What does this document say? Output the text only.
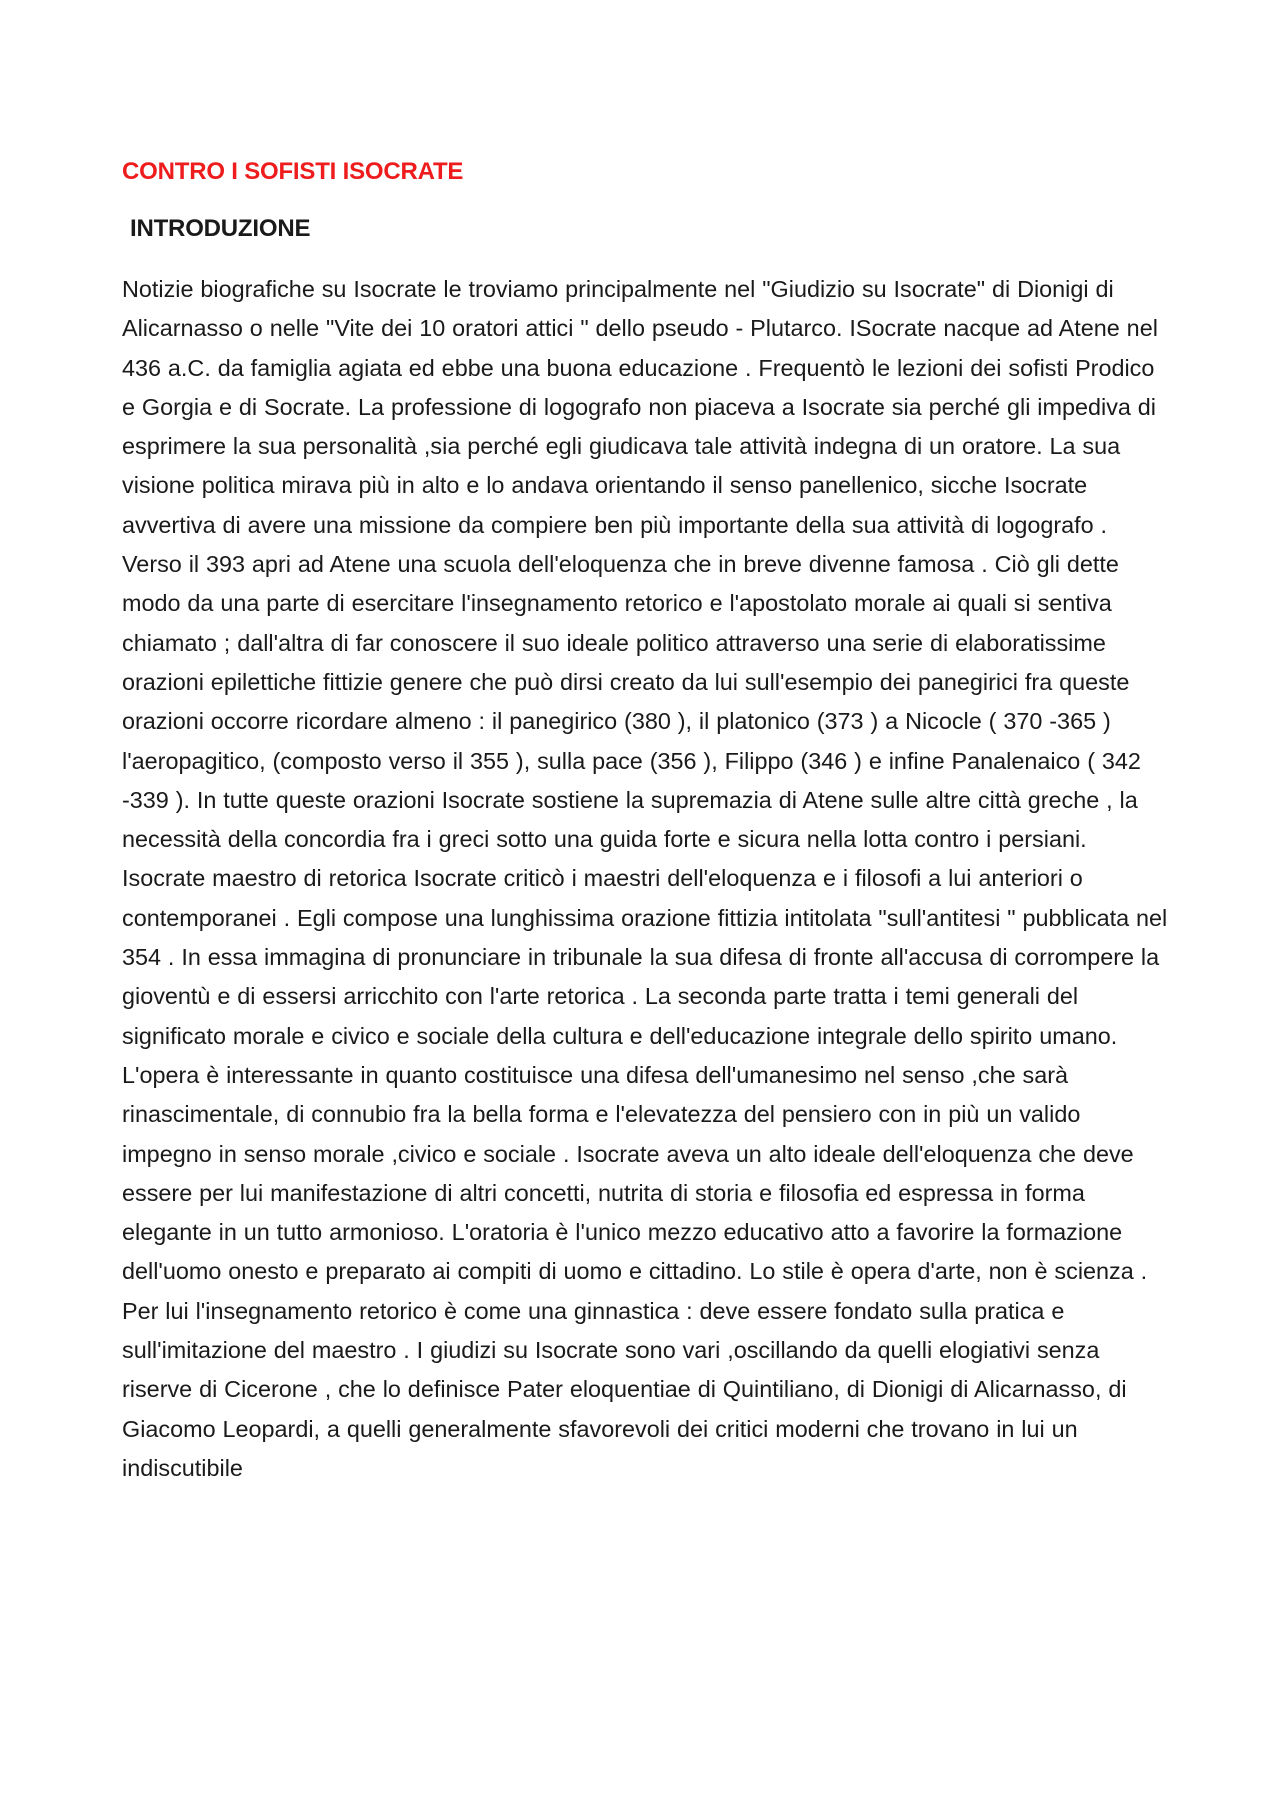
CONTRO I SOFISTI ISOCRATE
INTRODUZIONE

Notizie biografiche su Isocrate le troviamo principalmente nel "Giudizio su Isocrate" di Dionigi di Alicarnasso o nelle "Vite dei 10 oratori attici " dello pseudo - Plutarco. ISocrate nacque ad Atene nel 436 a.C. da famiglia agiata ed ebbe una buona educazione . Frequentò le lezioni dei sofisti Prodico e Gorgia e di Socrate. La professione di logografo non piaceva a Isocrate sia perché gli impediva di esprimere la sua personalità ,sia perché egli giudicava tale attività indegna di un oratore. La sua visione politica mirava più in alto e lo andava orientando il senso panellenico, sicche Isocrate avvertiva di avere una missione da compiere ben più importante della sua attività di logografo . Verso il 393 apri ad Atene una scuola dell'eloquenza che in breve divenne famosa . Ciò gli dette modo da una parte di esercitare l'insegnamento retorico e l'apostolato morale ai quali si sentiva chiamato ; dall'altra di far conoscere il suo ideale politico attraverso una serie di elaboratissime orazioni epilettiche fittizie genere che può dirsi creato da lui sull'esempio dei panegirici fra queste orazioni occorre ricordare almeno : il panegirico (380 ), il platonico (373 ) a Nicocle ( 370 -365 ) l'aeropagitico, (composto verso il 355 ), sulla pace (356 ), Filippo (346 ) e infine Panalenaico ( 342 -339 ). In tutte queste orazioni Isocrate sostiene la supremazia di Atene sulle altre città greche , la necessità della concordia fra i greci sotto una guida forte e sicura nella lotta contro i persiani. Isocrate maestro di retorica Isocrate criticò i maestri dell'eloquenza e i filosofi a lui anteriori o contemporanei . Egli compose una lunghissima orazione fittizia intitolata "sull'antitesi " pubblicata nel 354 . In essa immagina di pronunciare in tribunale la sua difesa di fronte all'accusa di corrompere la gioventù e di essersi arricchito con l'arte retorica . La seconda parte tratta i temi generali del significato morale e civico e sociale della cultura e dell'educazione integrale dello spirito umano. L'opera è interessante in quanto costituisce una difesa dell'umanesimo nel senso ,che sarà rinascimentale, di connubio fra la bella forma e l'elevatezza del pensiero con in più un valido impegno in senso morale ,civico e sociale . Isocrate aveva un alto ideale dell'eloquenza che deve essere per lui manifestazione di altri concetti, nutrita di storia e filosofia ed espressa in forma elegante in un tutto armonioso. L'oratoria è l'unico mezzo educativo atto a favorire la formazione dell'uomo onesto e preparato ai compiti di uomo e cittadino. Lo stile è opera d'arte, non è scienza . Per lui l'insegnamento retorico è come una ginnastica : deve essere fondato sulla pratica e sull'imitazione del maestro . I giudizi su Isocrate sono vari ,oscillando da quelli elogiativi senza riserve di Cicerone , che lo definisce Pater eloquentiae di Quintiliano, di Dionigi di Alicarnasso, di Giacomo Leopardi, a quelli generalmente sfavorevoli dei critici moderni che trovano in lui un indiscutibile
